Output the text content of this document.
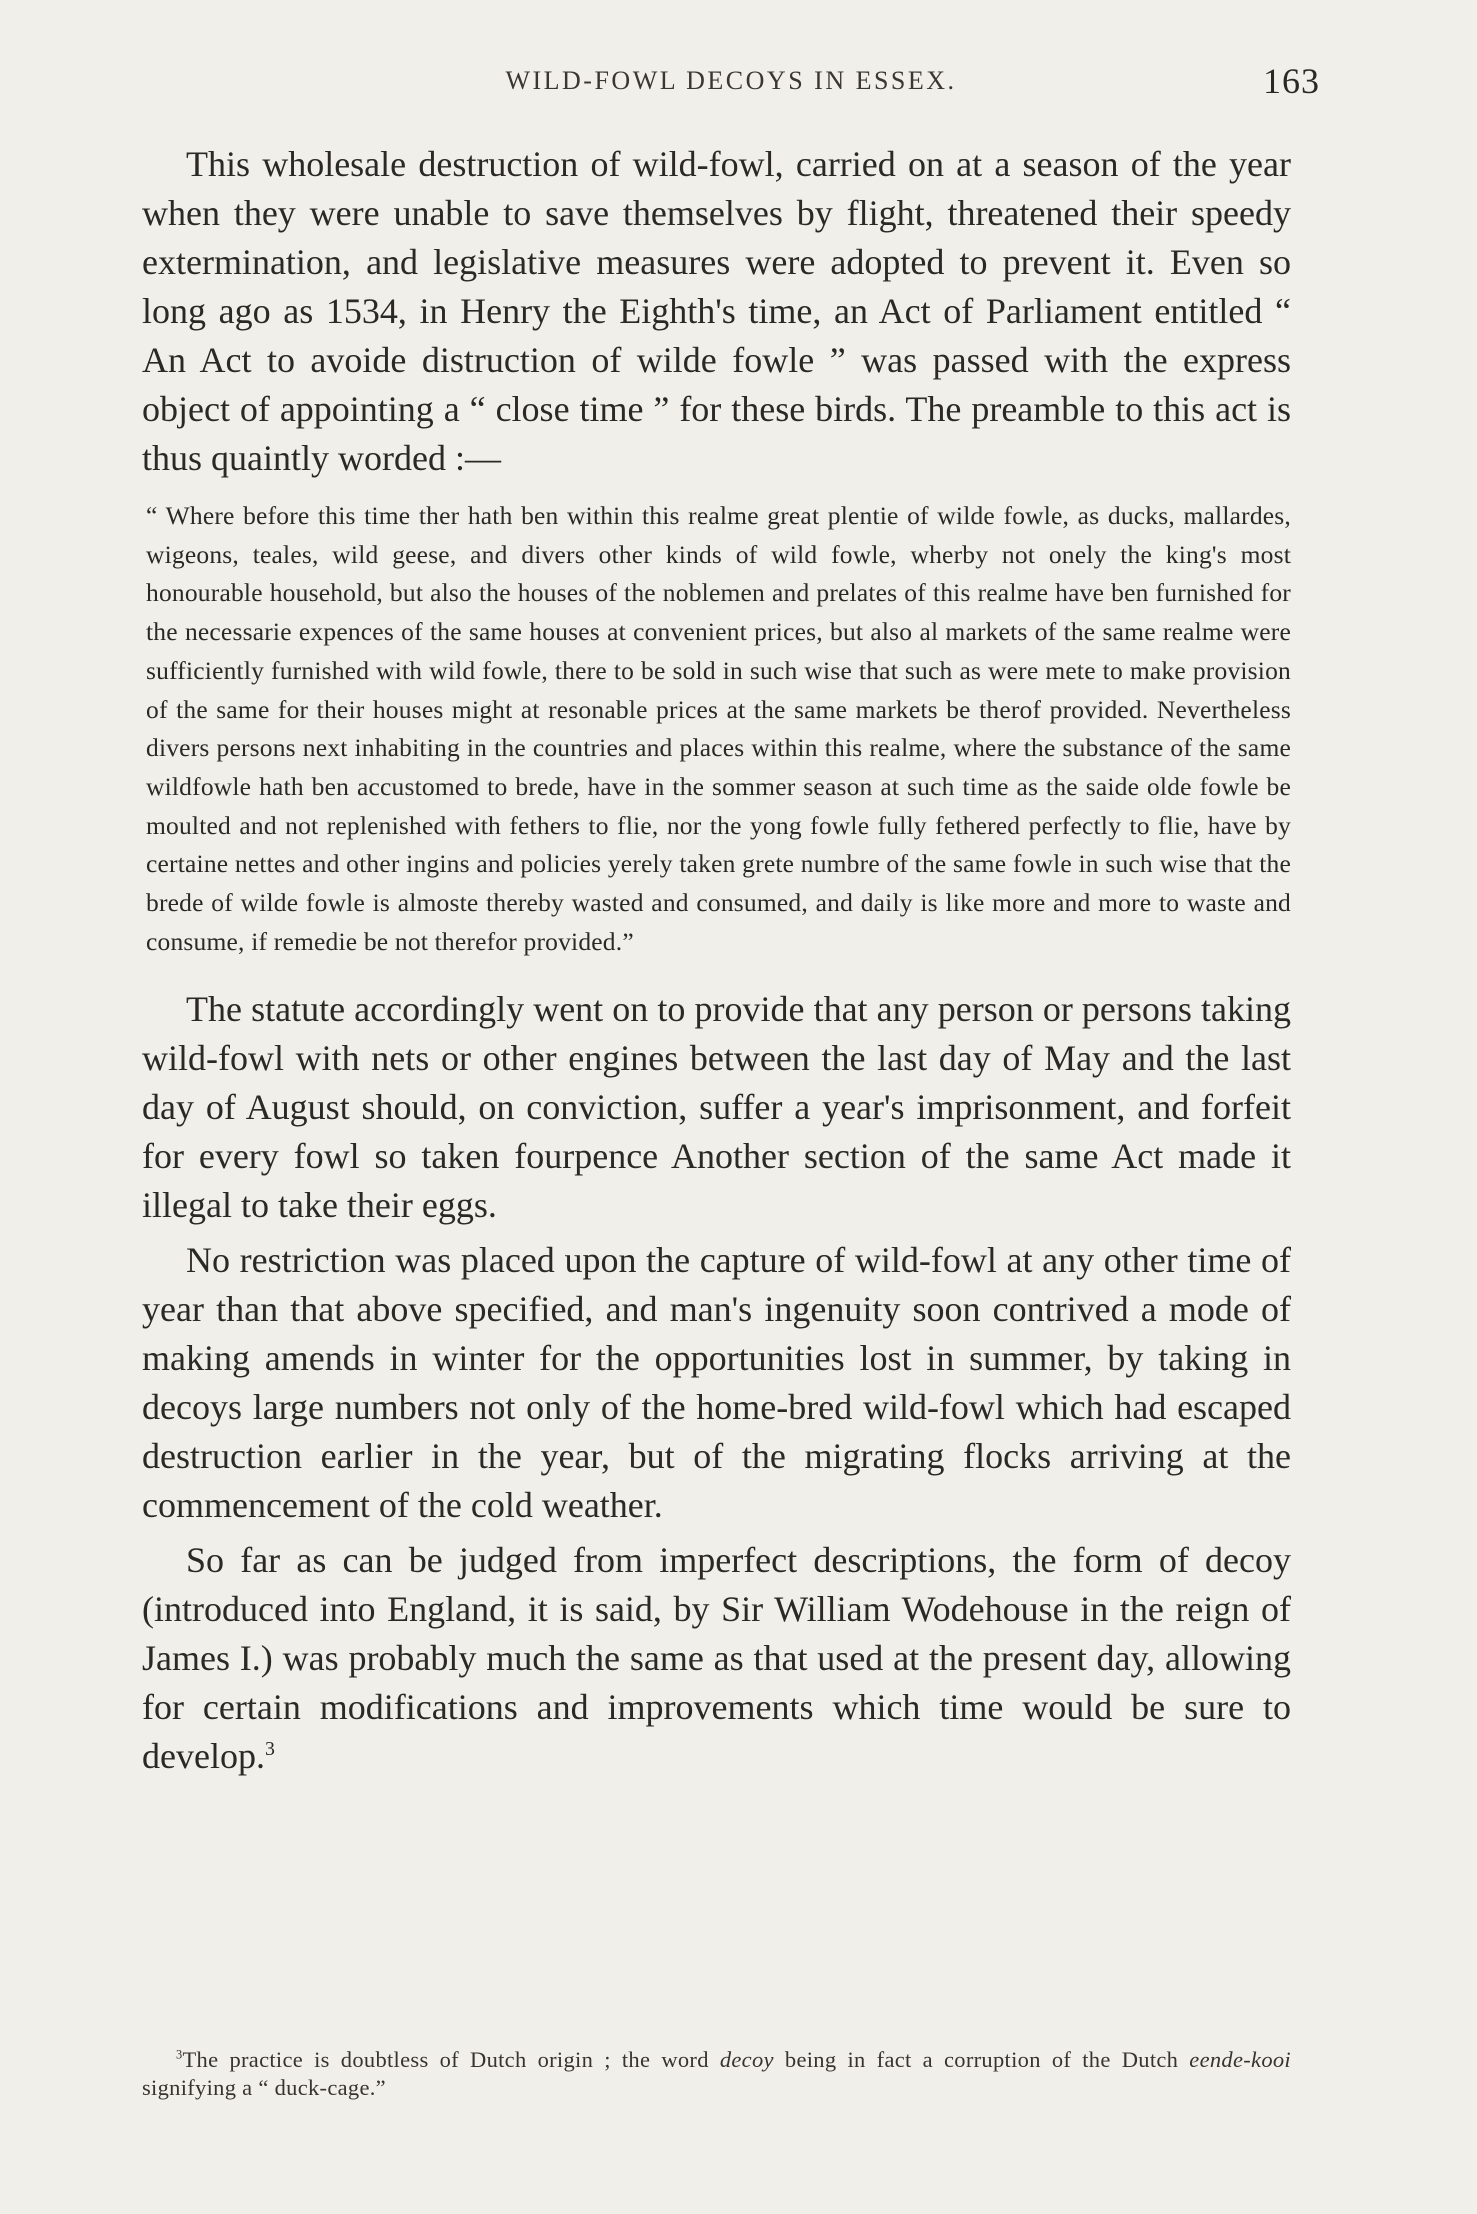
WILD-FOWL DECOYS IN ESSEX.	163

This wholesale destruction of wild-fowl, carried on at a season of the year when they were unable to save themselves by flight, threatened their speedy extermination, and legislative measures were adopted to prevent it. Even so long ago as 1534, in Henry the Eighth's time, an Act of Parliament entitled “ An Act to avoide distruction of wilde fowle ” was passed with the express object of appointing a “ close time ” for these birds. The preamble to this act is thus quaintly worded :—

“ Where before this time ther hath ben within this realme great plentie of wilde fowle, as ducks, mallardes, wigeons, teales, wild geese, and divers other kinds of wild fowle, wherby not onely the king's most honourable household, but also the houses of the noblemen and prelates of this realme have ben furnished for the necessarie expences of the same houses at convenient prices, but also al markets of the same realme were sufficiently furnished with wild fowle, there to be sold in such wise that such as were mete to make provision of the same for their houses might at resonable prices at the same markets be therof provided. Nevertheless divers persons next inhabiting in the countries and places within this realme, where the substance of the same wildfowle hath ben accustomed to brede, have in the sommer season at such time as the saide olde fowle be moulted and not replenished with fethers to flie, nor the yong fowle fully fethered perfectly to flie, have by certaine nettes and other ingins and policies yerely taken grete numbre of the same fowle in such wise that the brede of wilde fowle is almoste thereby wasted and consumed, and daily is like more and more to waste and consume, if remedie be not therefor provided.”

The statute accordingly went on to provide that any person or persons taking wild-fowl with nets or other engines between the last day of May and the last day of August should, on conviction, suffer a year's imprisonment, and forfeit for every fowl so taken fourpence Another section of the same Act made it illegal to take their eggs.

No restriction was placed upon the capture of wild-fowl at any other time of year than that above specified, and man's ingenuity soon contrived a mode of making amends in winter for the opportunities lost in summer, by taking in decoys large numbers not only of the home-bred wild-fowl which had escaped destruction earlier in the year, but of the migrating flocks arriving at the commencement of the cold weather.

So far as can be judged from imperfect descriptions, the form of decoy (introduced into England, it is said, by Sir William Wodehouse in the reign of James I.) was probably much the same as that used at the present day, allowing for certain modifications and improvements which time would be sure to develop.$^3$

$^3$The practice is doubtless of Dutch origin ; the word decoy being in fact a corruption of the Dutch eende-kooi signifying a “ duck-cage.”
